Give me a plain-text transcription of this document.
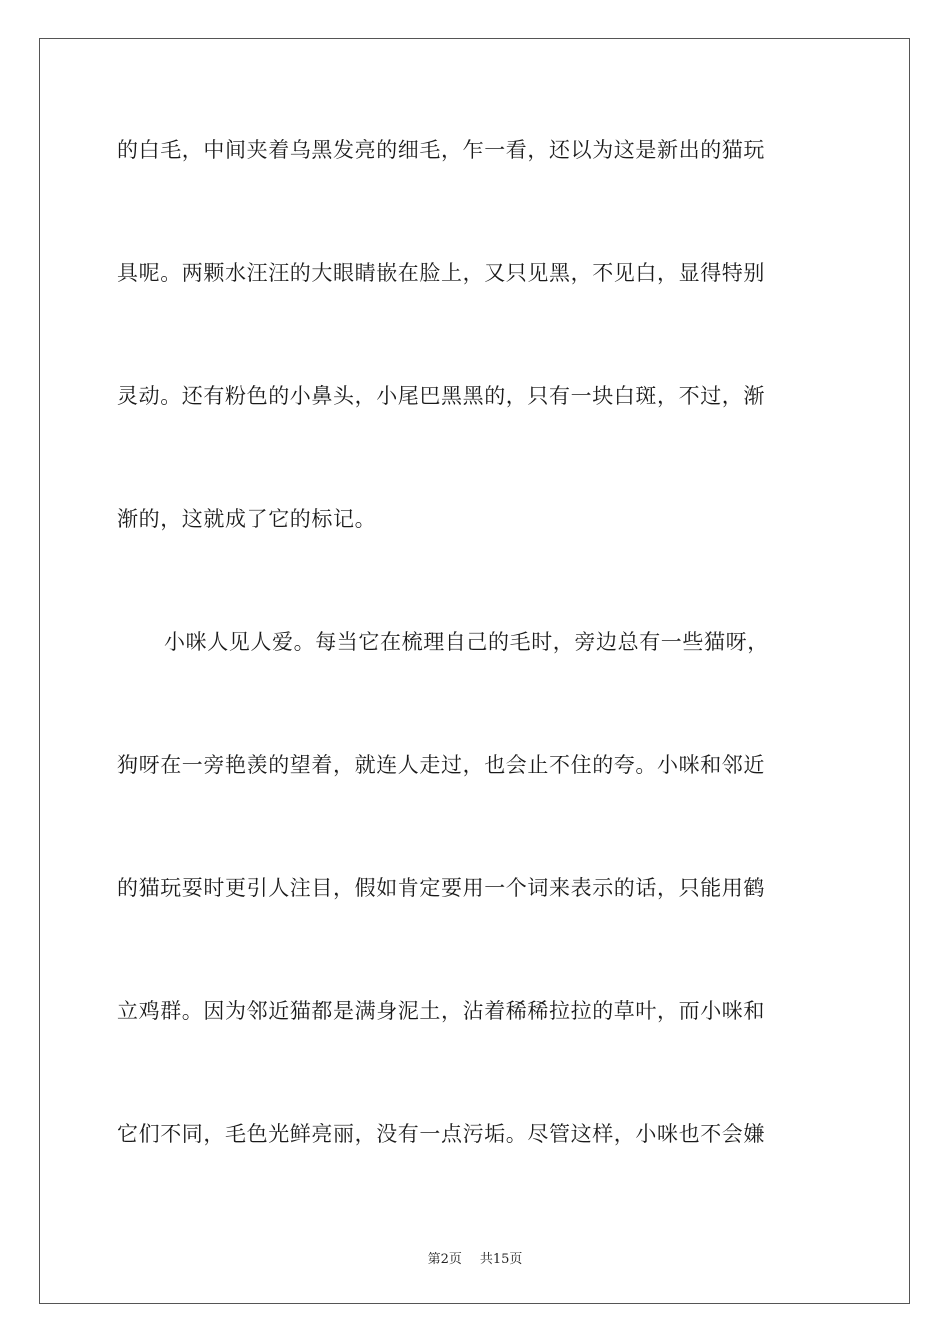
的白毛，中间夹着乌黑发亮的细毛，乍一看，还以为这是新出的猫玩
具呢。两颗水汪汪的大眼睛嵌在脸上，又只见黑，不见白，显得特别
灵动。还有粉色的小鼻头，小尾巴黑黑的，只有一块白斑，不过，渐
渐的，这就成了它的标记。
小咪人见人爱。每当它在梳理自己的毛时，旁边总有一些猫呀，
狗呀在一旁艳羡的望着，就连人走过，也会止不住的夸。小咪和邻近
的猫玩耍时更引人注目，假如肯定要用一个词来表示的话，只能用鹤
立鸡群。因为邻近猫都是满身泥土，沾着稀稀拉拉的草叶，而小咪和
它们不同，毛色光鲜亮丽，没有一点污垢。尽管这样，小咪也不会嫌
第2页 共15页
